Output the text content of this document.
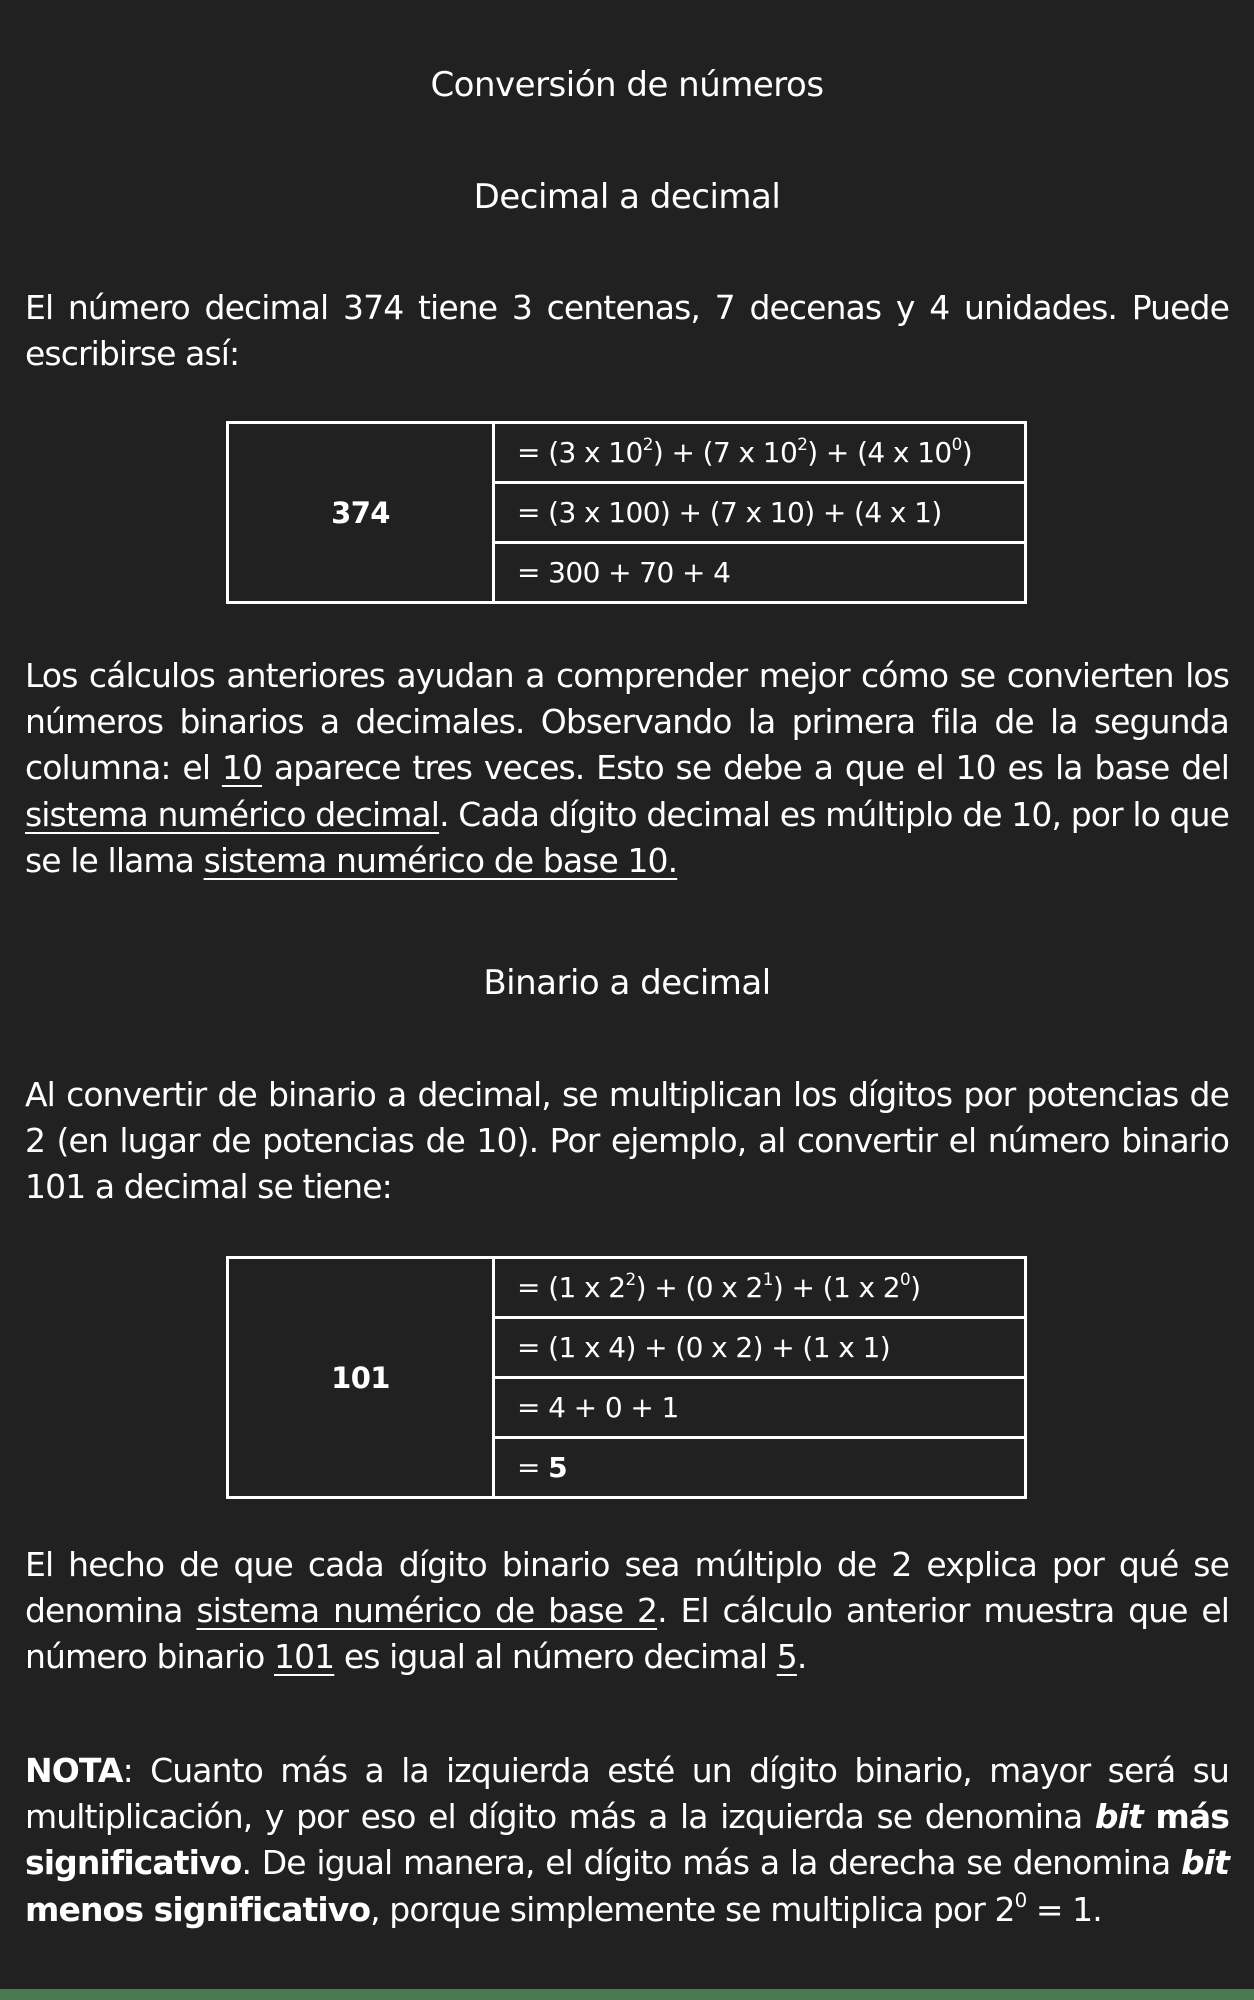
Conversión de números
Decimal a decimal

El número decimal 374 tiene 3 centenas, 7 decenas y 4 unidades. Puede escribirse así:

374	= (3 x $10^2) + (7$ x $10^2) + (4$ x $10^0$)
= (3 x 100) + (7 x 10) + (4 x 1)
= 300 + 70 + 4

Los cálculos anteriores ayudan a comprender mejor cómo se convierten los números binarios a decimales. Observando la primera fila de la segunda columna: el 10 aparece tres veces. Esto se debe a que el 10 es la base del sistema numérico decimal. Cada dígito decimal es múltiplo de 10, por lo que se le llama sistema numérico de base 10.

Binario a decimal

Al convertir de binario a decimal, se multiplican los dígitos por potencias de 2 (en lugar de potencias de 10). Por ejemplo, al convertir el número binario 101 a decimal se tiene:

101	= (1 x $2^2) + (0$ x $2^1) + (1$ x $2^0$)
= (1 x 4) + (0 x 2) + (1 x 1)
= 4 + 0 + 1
= 5

El hecho de que cada dígito binario sea múltiplo de 2 explica por qué se denomina sistema numérico de base 2. El cálculo anterior muestra que el número binario 101 es igual al número decimal 5.

NOTA: Cuanto más a la izquierda esté un dígito binario, mayor será su multiplicación, y por eso el dígito más a la izquierda se denomina bit más significativo. De igual manera, el dígito más a la derecha se denomina bit menos significativo, porque simplemente se multiplica por $2^0 = 1$.
